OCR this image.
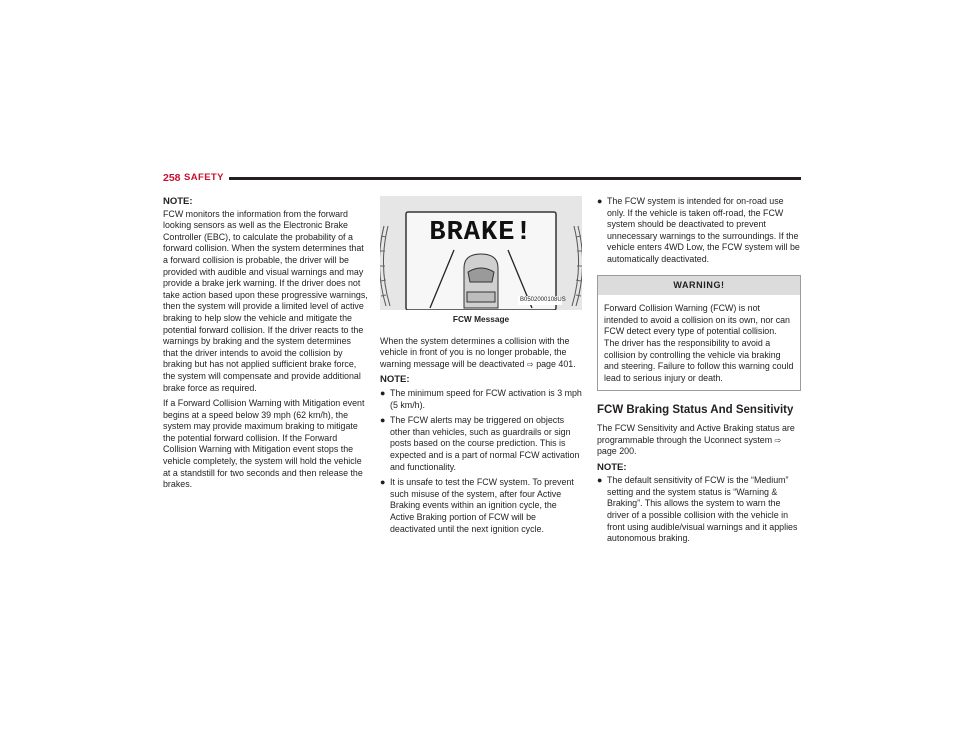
258 SAFETY
NOTE:

FCW monitors the information from the forward looking sensors as well as the Electronic Brake Controller (EBC), to calculate the probability of a forward collision. When the system determines that a forward collision is probable, the driver will be provided with audible and visual warnings and may provide a brake jerk warning. If the driver does not take action based upon these progressive warnings, then the system will provide a limited level of active braking to help slow the vehicle and mitigate the potential forward collision. If the driver reacts to the warnings by braking and the system determines that the driver intends to avoid the collision by braking but has not applied sufficient brake force, the system will compensate and provide additional brake force as required.

If a Forward Collision Warning with Mitigation event begins at a speed below 39 mph (62 km/h), the system may provide maximum braking to mitigate the potential forward collision. If the Forward Collision Warning with Mitigation event stops the vehicle completely, the system will hold the vehicle at a standstill for two seconds and then release the brakes.

BRAKE!
B0502000108US
FCW Message

When the system determines a collision with the vehicle in front of you is no longer probable, the warning message will be deactivated ⇨ page 401.

NOTE:
● The minimum speed for FCW activation is 3 mph (5 km/h).
● The FCW alerts may be triggered on objects other than vehicles, such as guardrails or sign posts based on the course prediction. This is expected and is a part of normal FCW activation and functionality.
● It is unsafe to test the FCW system. To prevent such misuse of the system, after four Active Braking events within an ignition cycle, the Active Braking portion of FCW will be deactivated until the next ignition cycle.
● The FCW system is intended for on-road use only. If the vehicle is taken off-road, the FCW system should be deactivated to prevent unnecessary warnings to the surroundings. If the vehicle enters 4WD Low, the FCW system will be automatically deactivated.
WARNING!
Forward Collision Warning (FCW) is not intended to avoid a collision on its own, nor can FCW detect every type of potential collision. The driver has the responsibility to avoid a collision by controlling the vehicle via braking and steering. Failure to follow this warning could lead to serious injury or death.
FCW Braking Status And Sensitivity

The FCW Sensitivity and Active Braking status are programmable through the Uconnect system ⇨ page 200.

NOTE:
● The default sensitivity of FCW is the “Medium” setting and the system status is “Warning & Braking”. This allows the system to warn the driver of a possible collision with the vehicle in front using audible/visual warnings and it applies autonomous braking.
